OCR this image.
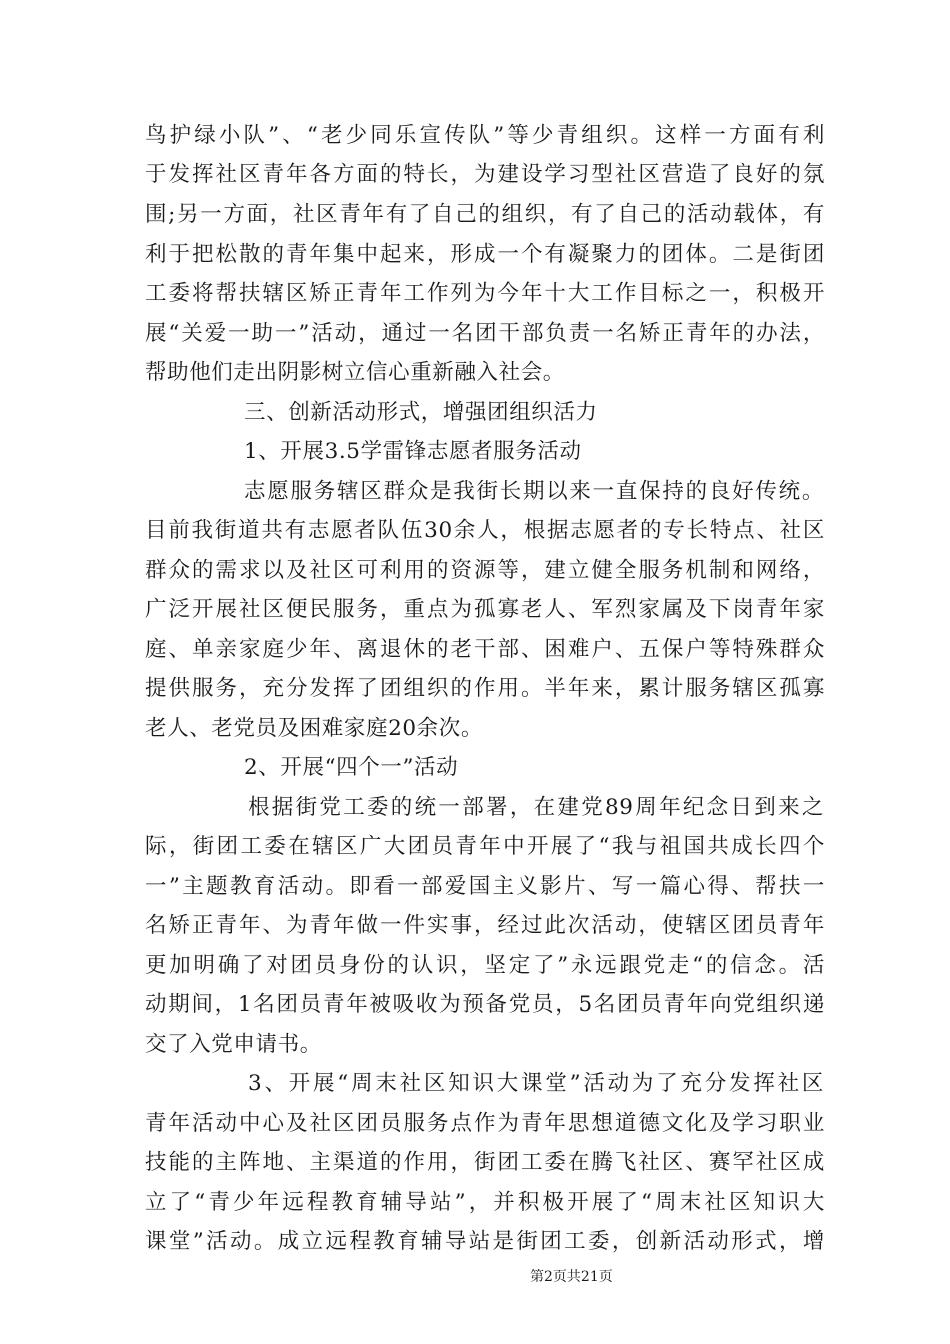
鸟护绿小队”、“老少同乐宣传队”等少青组织。这样一方面有利
于发挥社区青年各方面的特长，为建设学习型社区营造了良好的氛
围;另一方面，社区青年有了自己的组织，有了自己的活动载体，有
利于把松散的青年集中起来，形成一个有凝聚力的团体。二是街团
工委将帮扶辖区矫正青年工作列为今年十大工作目标之一，积极开
展“关爱一助一”活动，通过一名团干部负责一名矫正青年的办法，
帮助他们走出阴影树立信心重新融入社会。
三、创新活动形式，增强团组织活力
1、开展3.5学雷锋志愿者服务活动
志愿服务辖区群众是我街长期以来一直保持的良好传统。
目前我街道共有志愿者队伍30余人，根据志愿者的专长特点、社区
群众的需求以及社区可利用的资源等，建立健全服务机制和网络，
广泛开展社区便民服务，重点为孤寡老人、军烈家属及下岗青年家
庭、单亲家庭少年、离退休的老干部、困难户、五保户等特殊群众
提供服务，充分发挥了团组织的作用。半年来，累计服务辖区孤寡
老人、老党员及困难家庭20余次。
2、开展“四个一”活动
根据街党工委的统一部署，在建党89周年纪念日到来之
际，街团工委在辖区广大团员青年中开展了“我与祖国共成长四个
一”主题教育活动。即看一部爱国主义影片、写一篇心得、帮扶一
名矫正青年、为青年做一件实事，经过此次活动，使辖区团员青年
更加明确了对团员身份的认识，坚定了”永远跟党走“的信念。活
动期间，1名团员青年被吸收为预备党员，5名团员青年向党组织递
交了入党申请书。
3、开展“周末社区知识大课堂”活动为了充分发挥社区
青年活动中心及社区团员服务点作为青年思想道德文化及学习职业
技能的主阵地、主渠道的作用，街团工委在腾飞社区、赛罕社区成
立了“青少年远程教育辅导站”，并积极开展了“周末社区知识大
课堂”活动。成立远程教育辅导站是街团工委，创新活动形式，增
第2页共21页
